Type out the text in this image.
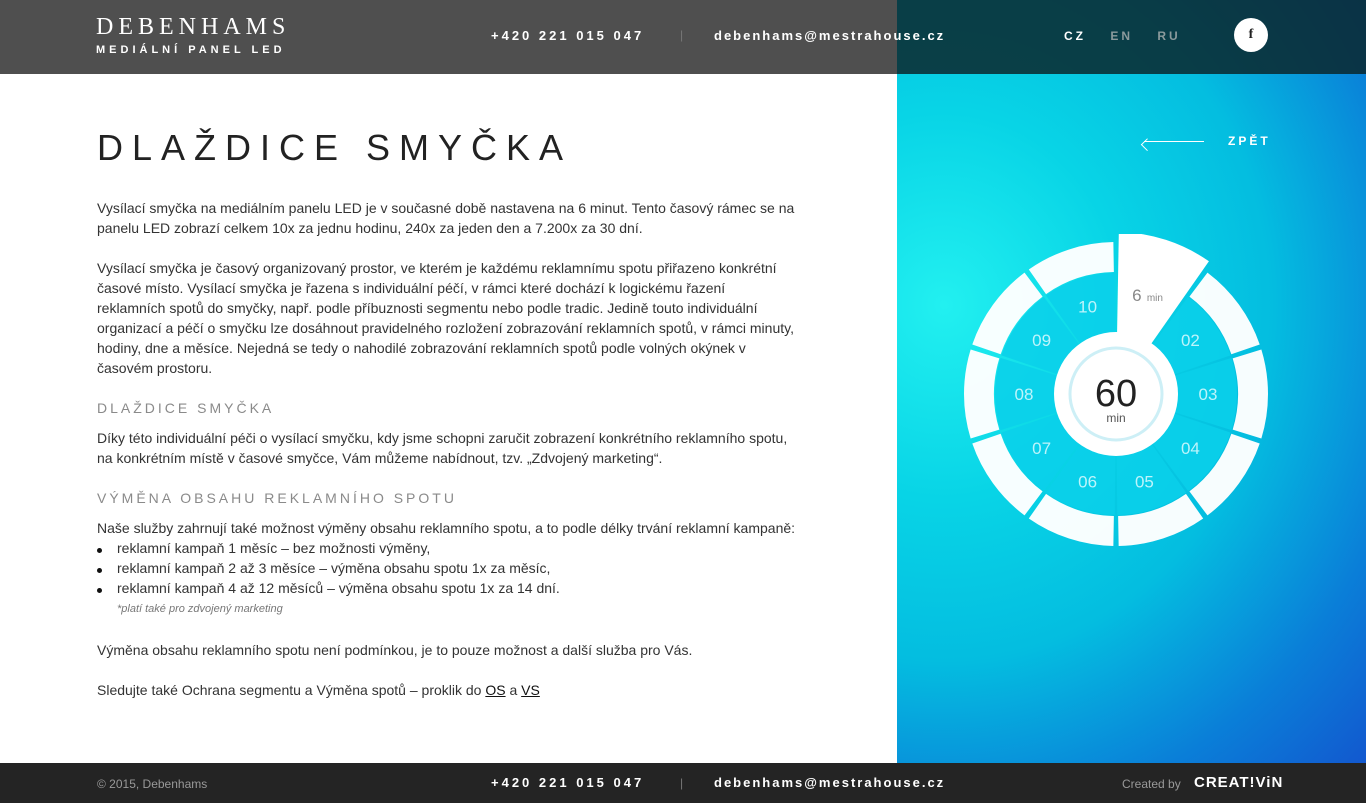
DEBENHAMS
MEDIÁLNÍ PANEL LED
+420 221 015 047	| debenhams@mestrahouse.cz	CZ EN RU	f
DLAŽDICE SMYČKA

Vysílací smyčka na mediálním panelu LED je v současné době nastavena na 6 minut. Tento časový rámec se na panelu LED zobrazí celkem 10x za jednu hodinu, 240x za jeden den a 7.200x za 30 dní.

Vysílací smyčka je časový organizovaný prostor, ve kterém je každému reklamnímu spotu přiřazeno konkrétní časové místo. Vysílací smyčka je řazena s individuální péčí, v rámci které dochází k logickému řazení reklamních spotů do smyčky, např. podle příbuznosti segmentu nebo podle tradic. Jedině touto individuální organizací a péčí o smyčku lze dosáhnout pravidelného rozložení zobrazování reklamních spotů, v rámci minuty, hodiny, dne a měsíce. Nejedná se tedy o nahodilé zobrazování reklamních spotů podle volných okýnek v časovém prostoru.

DLAŽDICE SMYČKA

Díky této individuální péči o vysílací smyčku, kdy jsme schopni zaručit zobrazení konkrétního reklamního spotu, na konkrétním místě v časové smyčce, Vám můžeme nabídnout, tzv. „Zdvojený marketing“.

VÝMĚNA OBSAHU REKLAMNÍHO SPOTU

Naše služby zahrnují také možnost výměny obsahu reklamního spotu, a to podle délky trvání reklamní kampaně:

reklamní kampaň 1 měsíc – bez možnosti výměny,
reklamní kampaň 2 až 3 měsíce – výměna obsahu spotu 1x za měsíc,
reklamní kampaň 4 až 12 měsíců – výměna obsahu spotu 1x za 14 dní.
*platí také pro zdvojený marketing

Výměna obsahu reklamního spotu není podmínkou, je to pouze možnost a další služba pro Vás.

Sledujte také Ochrana segmentu a Výměna spotů – proklik do OS a VS

ZPĚT
10
02
03
04
05
06
07
08
09
6 min
60
min
© 2015, Debenhams	+420 221 015 047	| debenhams@mestrahouse.cz	Created by CREAT!ViN
